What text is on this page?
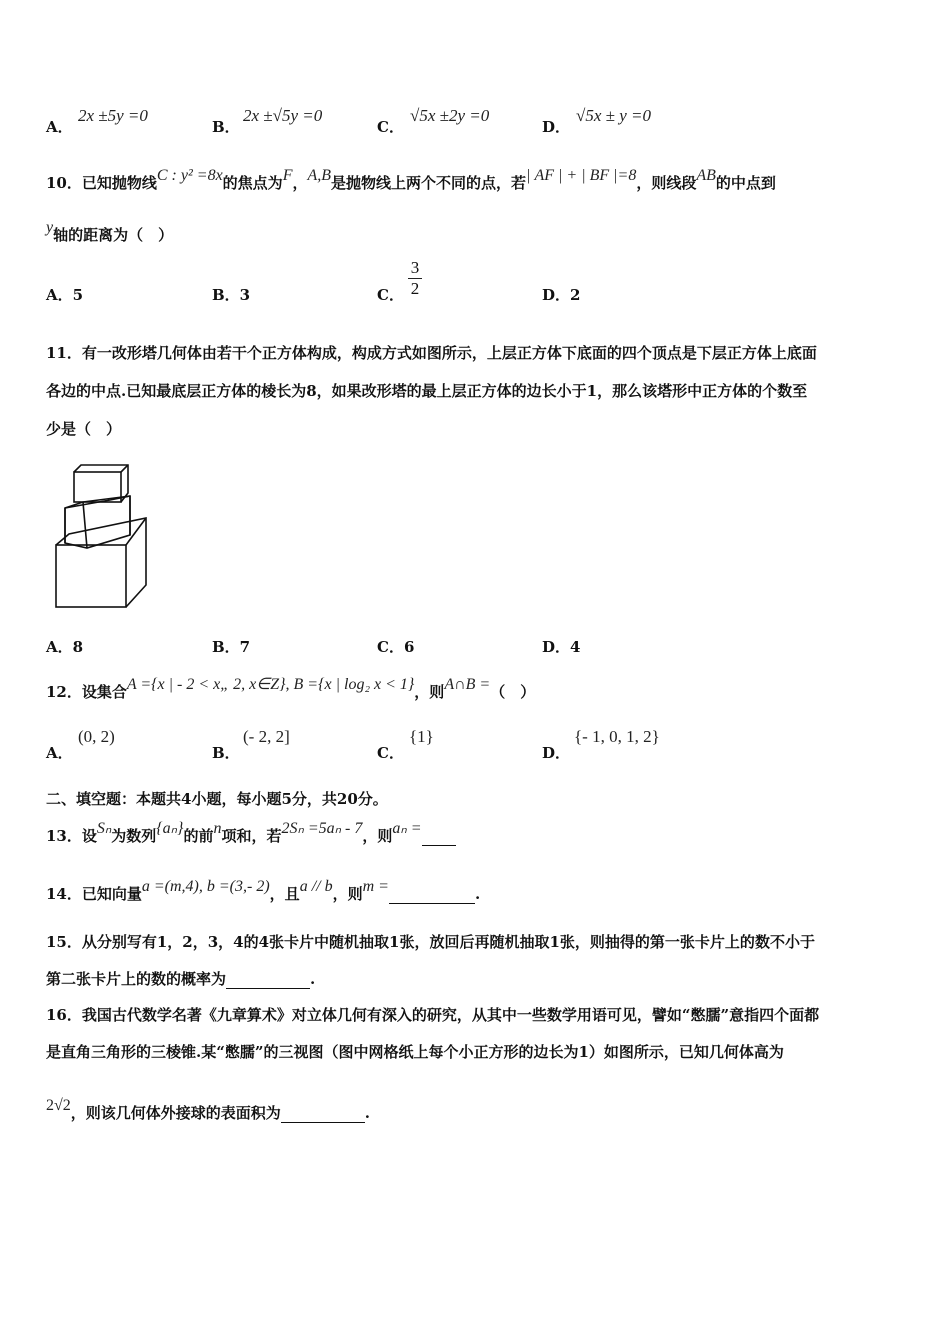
A．
2x ±5y =0
B．
2x ±√5y =0
C．
√5x ±2y =0
D．
√5x ± y =0
10．已知抛物线C : y² =8x的焦点为F，A,B是抛物线上两个不同的点，若| AF | + | BF |=8，则线段AB的中点到
y轴的距离为（　）
A．5	B．3	C． $\frac{3}{2}$	D．2
11．有一改形塔几何体由若干个正方体构成，构成方式如图所示，上层正方体下底面的四个顶点是下层正方体上底面
各边的中点.已知最底层正方体的棱长为8，如果改形塔的最上层正方体的边长小于1，那么该塔形中正方体的个数至
少是（　）
A．8	B．7	C．6	D．4
12．设集合A ={x | - 2 < x„ 2, x∈Z}, B ={x | log₂ x < 1}，则A∩B =（　）
A．
(0, 2)
B．
(- 2, 2]
C．
{1}
D．
{- 1, 0, 1, 2}
二、填空题：本题共4小题，每小题5分，共20分。
13．设Sₙ为数列{aₙ}的前n项和，若2Sₙ =5aₙ - 7，则aₙ =
14．已知向量a =(m,4), b =(3,- 2)，且a // b，则m =	.
15．从分别写有1，2，3，4的4张卡片中随机抽取1张，放回后再随机抽取1张，则抽得的第一张卡片上的数不小于
第二张卡片上的数的概率为	.
16．我国古代数学名著《九章算术》对立体几何有深入的研究，从其中一些数学用语可见，譬如“憋臑”意指四个面都
是直角三角形的三棱锥.某“憋臑”的三视图（图中网格纸上每个小正方形的边长为1）如图所示，已知几何体高为
2√2，则该几何体外接球的表面积为	.
